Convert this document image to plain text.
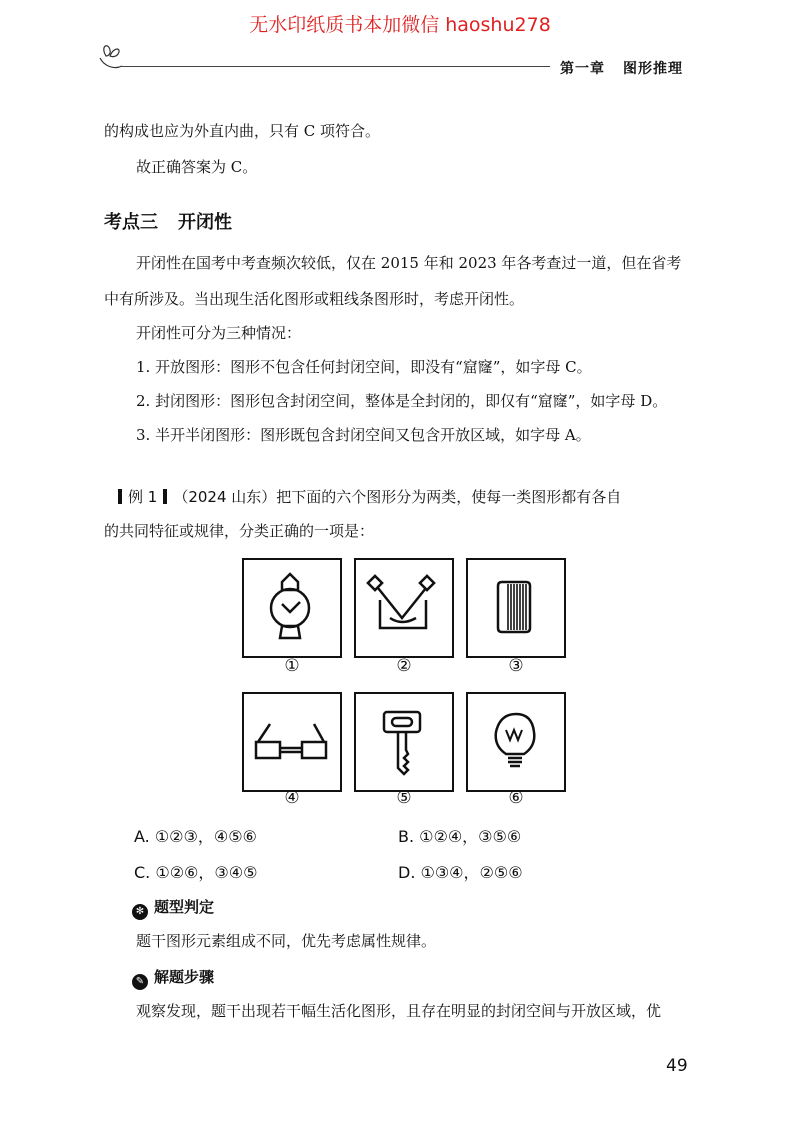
无水印纸质书本加微信 haoshu278
第一章 图形推理
的构成也应为外直内曲，只有 C 项符合。
故正确答案为 C。
考点三 开闭性
开闭性在国考中考查频次较低，仅在 2015 年和 2023 年各考查过一道，但在省考
中有所涉及。当出现生活化图形或粗线条图形时，考虑开闭性。
开闭性可分为三种情况：
1. 开放图形：图形不包含任何封闭空间，即没有“窟窿”，如字母 C。
2. 封闭图形：图形包含封闭空间，整体是全封闭的，即仅有“窟窿”，如字母 D。
3. 半开半闭图形：图形既包含封闭空间又包含开放区域，如字母 A。
例 1 （2024 山东）把下面的六个图形分为两类，使每一类图形都有各自
的共同特征或规律，分类正确的一项是：
①	②	③
④	⑤	⑥
A. ①②③，④⑤⑥	B. ①②④，③⑤⑥
C. ①②⑥，③④⑤	D. ①③④，②⑤⑥
✻ 题型判定
题干图形元素组成不同，优先考虑属性规律。
✎ 解题步骤
观察发现，题干出现若干幅生活化图形，且存在明显的封闭空间与开放区域，优
49
